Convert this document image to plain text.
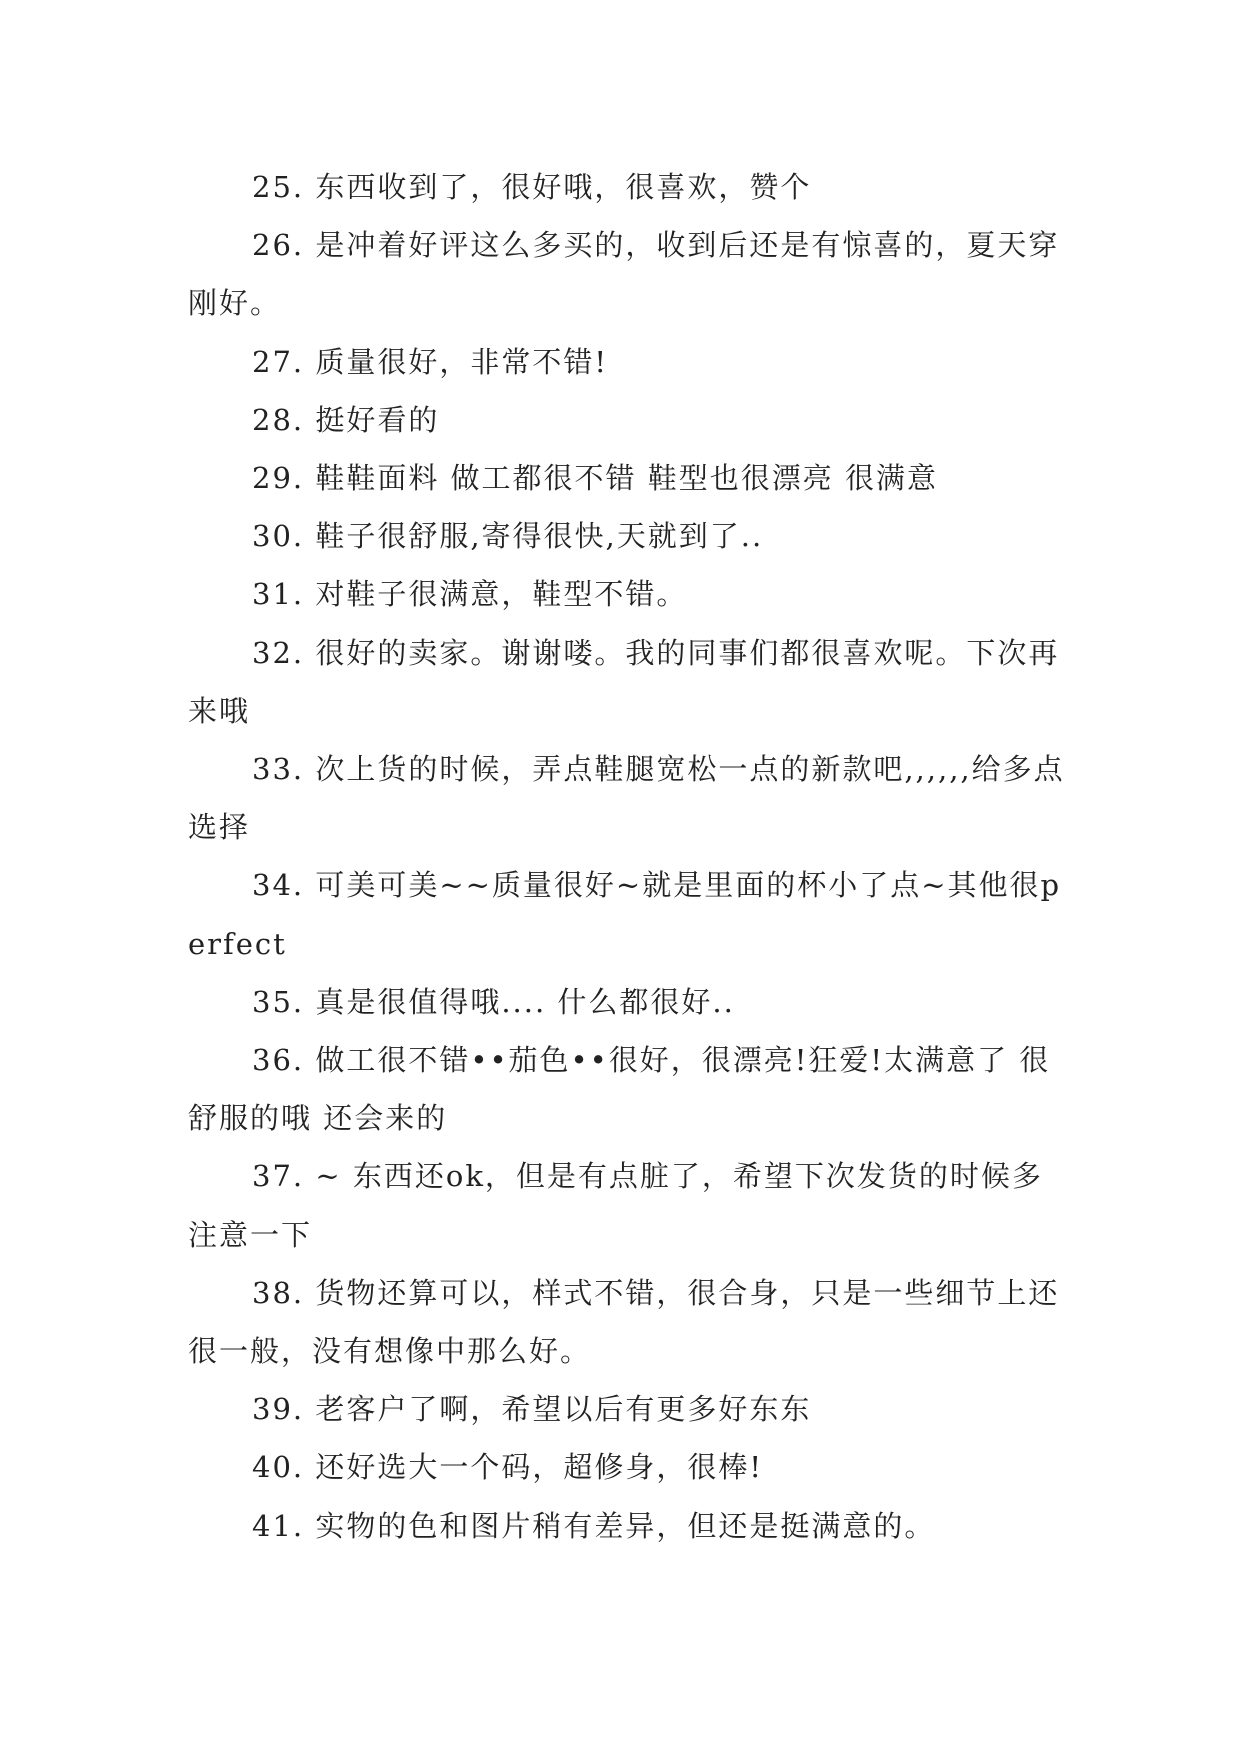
25. 东西收到了，很好哦，很喜欢，赞个

26. 是冲着好评这么多买的，收到后还是有惊喜的，夏天穿刚好。

27. 质量很好，非常不错!

28. 挺好看的

29. 鞋鞋面料 做工都很不错 鞋型也很漂亮 很满意

30. 鞋子很舒服,寄得很快,天就到了..

31. 对鞋子很满意，鞋型不错。

32. 很好的卖家。谢谢喽。我的同事们都很喜欢呢。下次再来哦

33. 次上货的时候，弄点鞋腿宽松一点的新款吧,,,,,,给多点选择

34. 可美可美~~质量很好~就是里面的杯小了点~其他很perfect

35. 真是很值得哦.... 什么都很好..

36. 做工很不错••茄色••很好，很漂亮!狂爱!太满意了 很舒服的哦 还会来的

37. ~ 东西还ok，但是有点脏了，希望下次发货的时候多注意一下

38. 货物还算可以，样式不错，很合身，只是一些细节上还很一般，没有想像中那么好。

39. 老客户了啊，希望以后有更多好东东

40. 还好选大一个码，超修身，很棒!

41. 实物的色和图片稍有差异，但还是挺满意的。
